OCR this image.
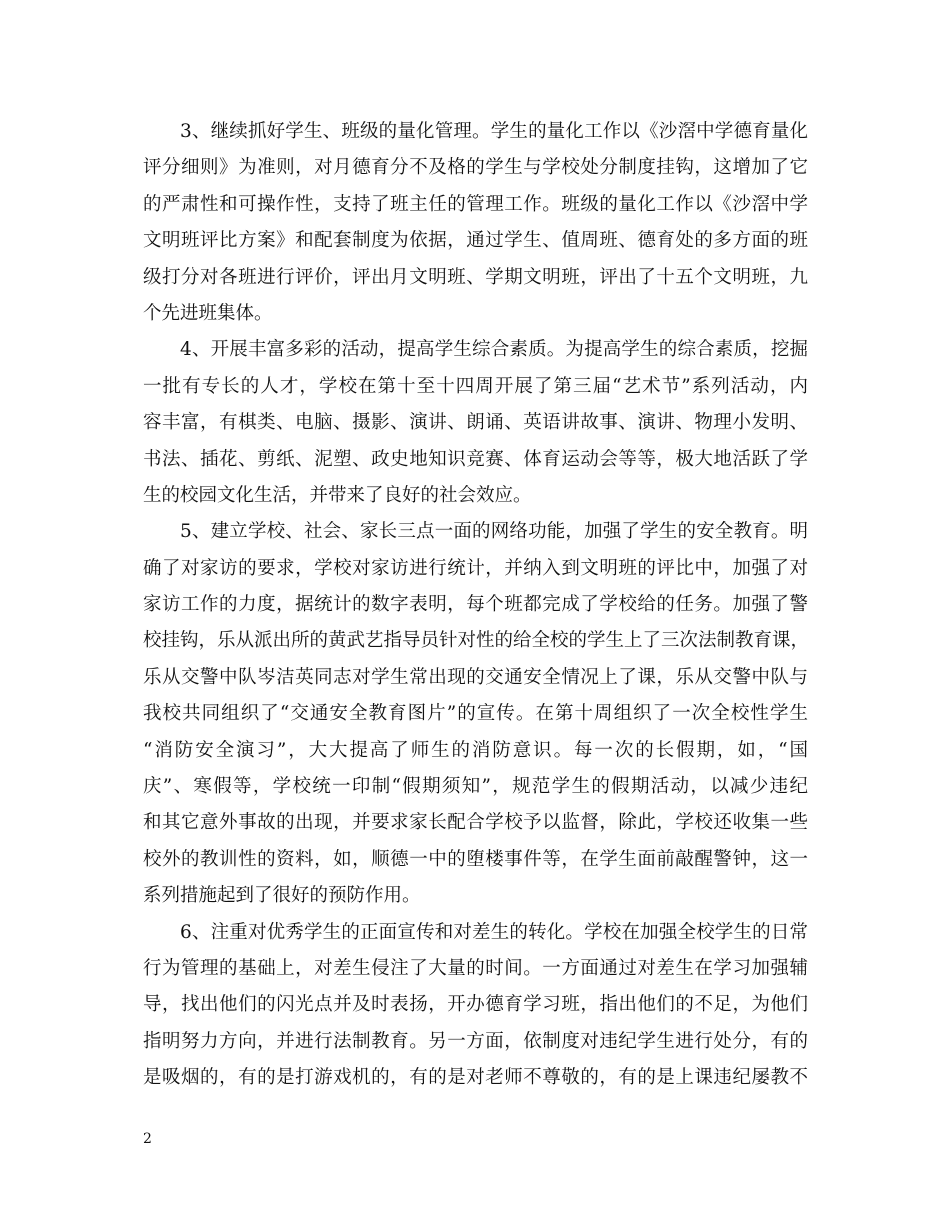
3、继续抓好学生、班级的量化管理。学生的量化工作以《沙滘中学德育量化
评分细则》为准则，对月德育分不及格的学生与学校处分制度挂钩，这增加了它
的严肃性和可操作性，支持了班主任的管理工作。班级的量化工作以《沙滘中学
文明班评比方案》和配套制度为依据，通过学生、值周班、德育处的多方面的班
级打分对各班进行评价，评出月文明班、学期文明班，评出了十五个文明班，九
个先进班集体。
4、开展丰富多彩的活动，提高学生综合素质。为提高学生的综合素质，挖掘
一批有专长的人才，学校在第十至十四周开展了第三届“艺术节”系列活动，内
容丰富，有棋类、电脑、摄影、演讲、朗诵、英语讲故事、演讲、物理小发明、
书法、插花、剪纸、泥塑、政史地知识竞赛、体育运动会等等，极大地活跃了学
生的校园文化生活，并带来了良好的社会效应。
5、建立学校、社会、家长三点一面的网络功能，加强了学生的安全教育。明
确了对家访的要求，学校对家访进行统计，并纳入到文明班的评比中，加强了对
家访工作的力度，据统计的数字表明，每个班都完成了学校给的任务。加强了警
校挂钩，乐从派出所的黄武艺指导员针对性的给全校的学生上了三次法制教育课，
乐从交警中队岑洁英同志对学生常出现的交通安全情况上了课，乐从交警中队与
我校共同组织了“交通安全教育图片”的宣传。在第十周组织了一次全校性学生
“消防安全演习”，大大提高了师生的消防意识。每一次的长假期，如，“国
庆”、寒假等，学校统一印制“假期须知”，规范学生的假期活动，以减少违纪
和其它意外事故的出现，并要求家长配合学校予以监督，除此，学校还收集一些
校外的教训性的资料，如，顺德一中的堕楼事件等，在学生面前敲醒警钟，这一
系列措施起到了很好的预防作用。
6、注重对优秀学生的正面宣传和对差生的转化。学校在加强全校学生的日常
行为管理的基础上，对差生侵注了大量的时间。一方面通过对差生在学习加强辅
导，找出他们的闪光点并及时表扬，开办德育学习班，指出他们的不足，为他们
指明努力方向，并进行法制教育。另一方面，依制度对违纪学生进行处分，有的
是吸烟的，有的是打游戏机的，有的是对老师不尊敬的，有的是上课违纪屡教不
2
